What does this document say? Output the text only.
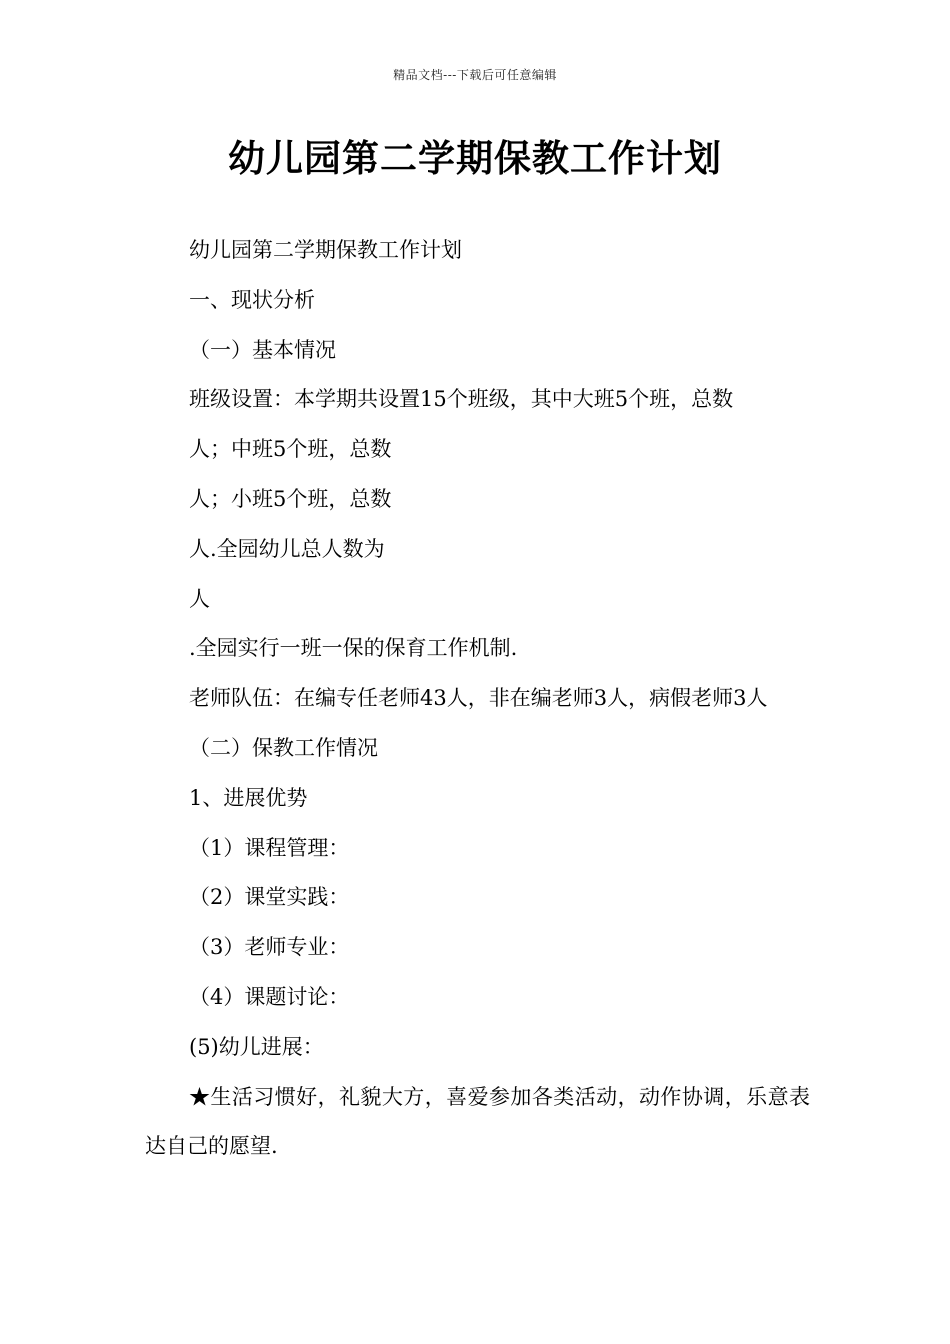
精品文档---下载后可任意编辑
幼儿园第二学期保教工作计划

幼儿园第二学期保教工作计划

一、现状分析

（一）基本情况

班级设置：本学期共设置15个班级，其中大班5个班，总数

人；中班5个班，总数

人；小班5个班，总数

人.全园幼儿总人数为

人

.全园实行一班一保的保育工作机制.

老师队伍：在编专任老师43人，非在编老师3人，病假老师3人

（二）保教工作情况

1、进展优势

（1）课程管理：

（2）课堂实践：

（3）老师专业：

（4）课题讨论：

(5)幼儿进展：

★生活习惯好，礼貌大方，喜爱参加各类活动，动作协调，乐意表达自己的愿望.
